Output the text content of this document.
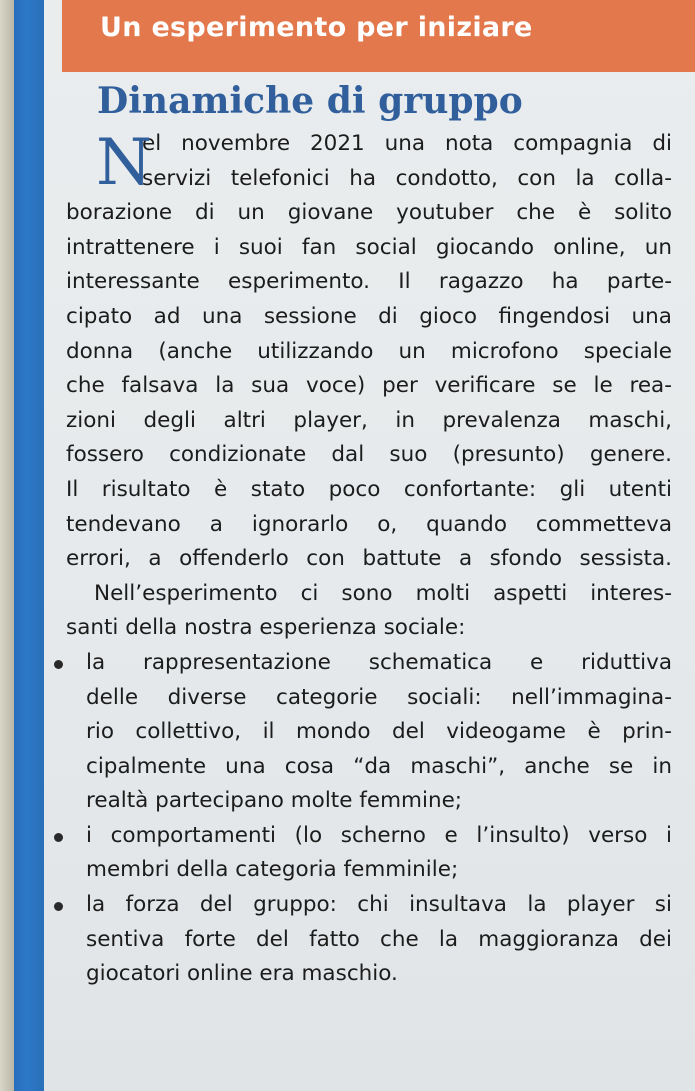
Un esperimento per iniziare
Dinamiche di gruppo
N
el novembre 2021 una nota compagnia di
servizi telefonici ha condotto, con la colla-
borazione di un giovane youtuber che è solito
intrattenere i suoi fan social giocando online, un
interessante esperimento. Il ragazzo ha parte-
cipato ad una sessione di gioco fingendosi una
donna (anche utilizzando un microfono speciale
che falsava la sua voce) per verificare se le rea-
zioni degli altri player, in prevalenza maschi,
fossero condizionate dal suo (presunto) genere.
Il risultato è stato poco confortante: gli utenti
tendevano a ignorarlo o, quando commetteva
errori, a offenderlo con battute a sfondo sessista.
Nell’esperimento ci sono molti aspetti interes-
santi della nostra esperienza sociale:
la rappresentazione schematica e riduttiva
delle diverse categorie sociali: nell’immagina-
rio collettivo, il mondo del videogame è prin-
cipalmente una cosa “da maschi”, anche se in
realtà partecipano molte femmine;
i comportamenti (lo scherno e l’insulto) verso i
membri della categoria femminile;
la forza del gruppo: chi insultava la player si
sentiva forte del fatto che la maggioranza dei
giocatori online era maschio.
